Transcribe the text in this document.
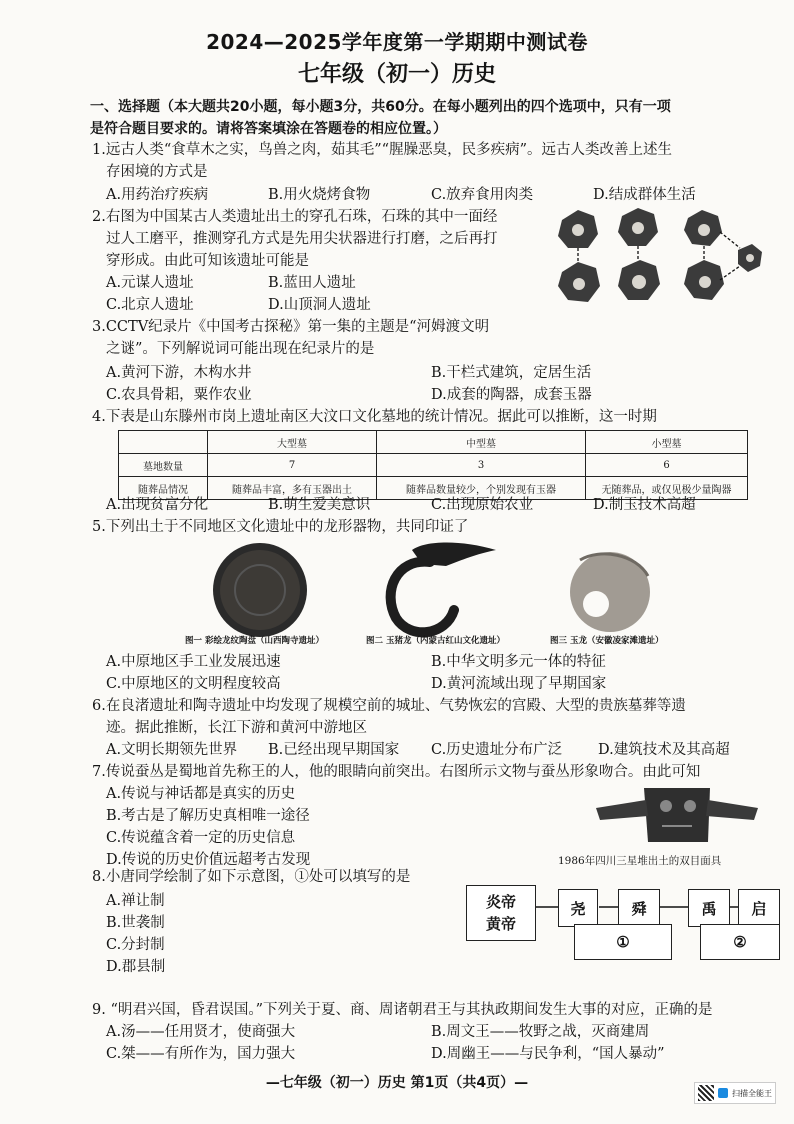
2024—2025学年度第一学期期中测试卷
七年级（初一）历史
一、选择题（本大题共20小题，每小题3分，共60分。在每小题列出的四个选项中，只有一项
是符合题目要求的。请将答案填涂在答题卷的相应位置。）
1.远古人类“食草木之实，鸟兽之肉，茹其毛”“腥臊恶臭，民多疾病”。远古人类改善上述生
存困境的方式是
A.用药治疗疾病	B.用火烧烤食物	C.放弃食用肉类	D.结成群体生活
2.右图为中国某古人类遗址出土的穿孔石珠，石珠的其中一面经
过人工磨平，推测穿孔方式是先用尖状器进行打磨，之后再打
穿形成。由此可知该遗址可能是
A.元谋人遗址	B.蓝田人遗址
C.北京人遗址	D.山顶洞人遗址
3.CCTV纪录片《中国考古探秘》第一集的主题是“河姆渡文明
之谜”。下列解说词可能出现在纪录片的是
A.黄河下游，木构水井	B.干栏式建筑，定居生活
C.农具骨耜，粟作农业	D.成套的陶器，成套玉器
4.下表是山东滕州市岗上遗址南区大汶口文化墓地的统计情况。据此可以推断，这一时期
	大型墓	中型墓	小型墓
墓地数量	7	3	6
随葬品情况	随葬品丰富，多有玉器出土	随葬品数量较少，个别发现有玉器	无随葬品，或仅见极少量陶器
A.出现贫富分化	B.萌生爱美意识	C.出现原始农业	D.制玉技术高超
5.下列出土于不同地区文化遗址中的龙形器物，共同印证了
图一 彩绘龙纹陶盘（山西陶寺遗址）	图二 玉猪龙（内蒙古红山文化遗址）	图三 玉龙（安徽凌家滩遗址）
A.中原地区手工业发展迅速	B.中华文明多元一体的特征
C.中原地区的文明程度较高	D.黄河流域出现了早期国家
6.在良渚遗址和陶寺遗址中均发现了规模空前的城址、气势恢宏的宫殿、大型的贵族墓葬等遗
迹。据此推断，长江下游和黄河中游地区
A.文明长期领先世界 B.已经出现早期国家 C.历史遗址分布广泛 D.建筑技术及其高超
7.传说蚕丛是蜀地首先称王的人，他的眼睛向前突出。右图所示文物与蚕丛形象吻合。由此可知
A.传说与神话都是真实的历史
B.考古是了解历史真相唯一途径
C.传说蕴含着一定的历史信息
D.传说的历史价值远超考古发现	1986年四川三星堆出土的双目面具
8.小唐同学绘制了如下示意图，①处可以填写的是
A.禅让制
B.世袭制
C.分封制
D.郡县制
炎帝
黄帝
尧	舜	禹	启
①	②
9. “明君兴国，昏君误国。”下列关于夏、商、周诸朝君王与其执政期间发生大事的对应，正确的是
A.汤——任用贤才，使商强大	B.周文王——牧野之战，灭商建周
C.桀——有所作为，国力强大	D.周幽王——与民争利，“国人暴动”
—七年级（初一）历史 第1页（共4页）—
扫描全能王
